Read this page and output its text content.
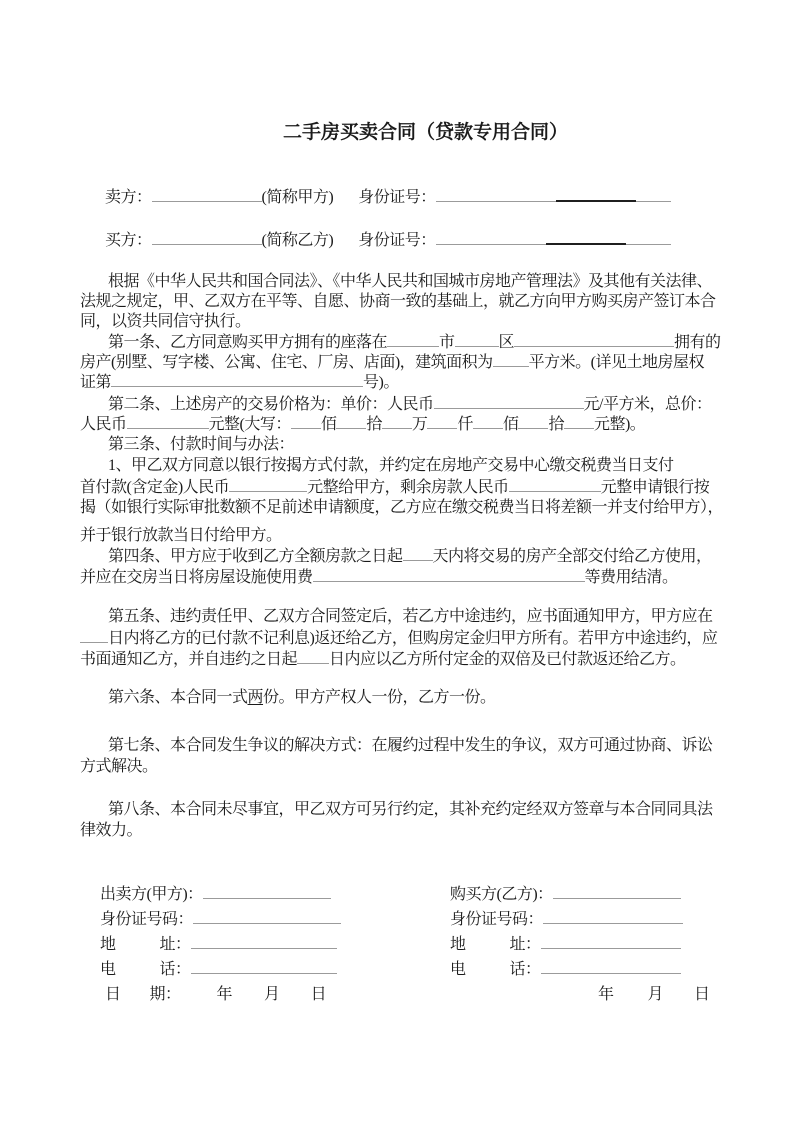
二手房买卖合同（贷款专用合同）
卖方：	(简称甲方) 身份证号：
买方：	(简称乙方) 身份证号：
根据《中华人民共和国合同法》、《中华人民共和国城市房地产管理法》及其他有关法律、
法规之规定，甲、乙双方在平等、自愿、协商一致的基础上，就乙方向甲方购买房产签订本合
同，以资共同信守执行。
第一条、乙方同意购买甲方拥有的座落在	市	区	拥有的
房产(别墅、写字楼、公寓、住宅、厂房、店面)，建筑面积为 平方米。(详见土地房屋权
证第	号)。
第二条、上述房产的交易价格为：单价：人民币	元/平方米，总价：
人民币	元整(大写： 佰 拾 万 仟 佰 拾 元整)。
第三条、付款时间与办法：
1、甲乙双方同意以银行按揭方式付款，并约定在房地产交易中心缴交税费当日支付
首付款(含定金)人民币	元整给甲方，剩余房款人民币	元整申请银行按
揭（如银行实际审批数额不足前述申请额度，乙方应在缴交税费当日将差额一并支付给甲方），
并于银行放款当日付给甲方。
第四条、甲方应于收到乙方全额房款之日起 天内将交易的房产全部交付给乙方使用，
并应在交房当日将房屋设施使用费	等费用结清。
第五条、违约责任甲、乙双方合同签定后，若乙方中途违约，应书面通知甲方，甲方应在
日内将乙方的已付款不记利息)返还给乙方，但购房定金归甲方所有。若甲方中途违约，应
书面通知乙方，并自违约之日起 日内应以乙方所付定金的双倍及已付款返还给乙方。
第六条、本合同一式两份。甲方产权人一份，乙方一份。
第七条、本合同发生争议的解决方式：在履约过程中发生的争议，双方可通过协商、诉讼
方式解决。
第八条、本合同未尽事宜，甲乙双方可另行约定，其补充约定经双方签章与本合同同具法
律效力。
出卖方(甲方)：	购买方(乙方)：
身份证号码：	身份证号码：
地	址：	地	址：
电	话：	电	话：
日 期： 年 月 日	年 月 日
